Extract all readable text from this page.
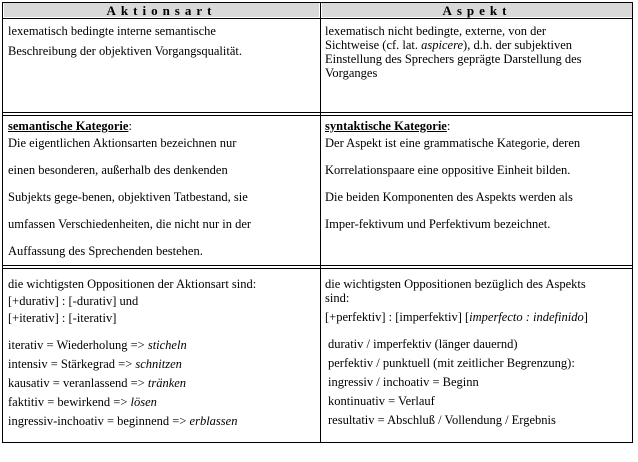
Aktionsart	Aspekt
lexematisch bedingte interne semantische
Beschreibung der objektiven Vorgangsqualität.
lexematisch nicht bedingte, externe, von der
Sichtweise (cf. lat. aspicere), d.h. der subjektiven
Einstellung des Sprechers geprägte Darstellung des
Vorganges
semantische Kategorie:
Die eigentlichen Aktionsarten bezeichnen nur
einen besonderen, außerhalb des denkenden
Subjekts gege-benen, objektiven Tatbestand, sie
umfassen Verschiedenheiten, die nicht nur in der
Auffassung des Sprechenden bestehen.
syntaktische Kategorie:
Der Aspekt ist eine grammatische Kategorie, deren
Korrelationspaare eine oppositive Einheit bilden.
Die beiden Komponenten des Aspekts werden als
Imper-fektivum und Perfektivum bezeichnet.
die wichtigsten Oppositionen der Aktionsart sind:
[+durativ] : [-durativ] und
[+iterativ] : [-iterativ]
iterativ = Wiederholung => sticheln
intensiv = Stärkegrad => schnitzen
kausativ = veranlassend => tränken
faktitiv = bewirkend => lösen
ingressiv-inchoativ = beginnend => erblassen
die wichtigsten Oppositionen bezüglich des Aspekts
sind:
[+perfektiv] : [imperfektiv] [imperfecto : indefinido]
durativ / imperfektiv (länger dauernd)
perfektiv / punktuell (mit zeitlicher Begrenzung):
ingressiv / inchoativ = Beginn
kontinuativ = Verlauf
resultativ = Abschluß / Vollendung / Ergebnis
